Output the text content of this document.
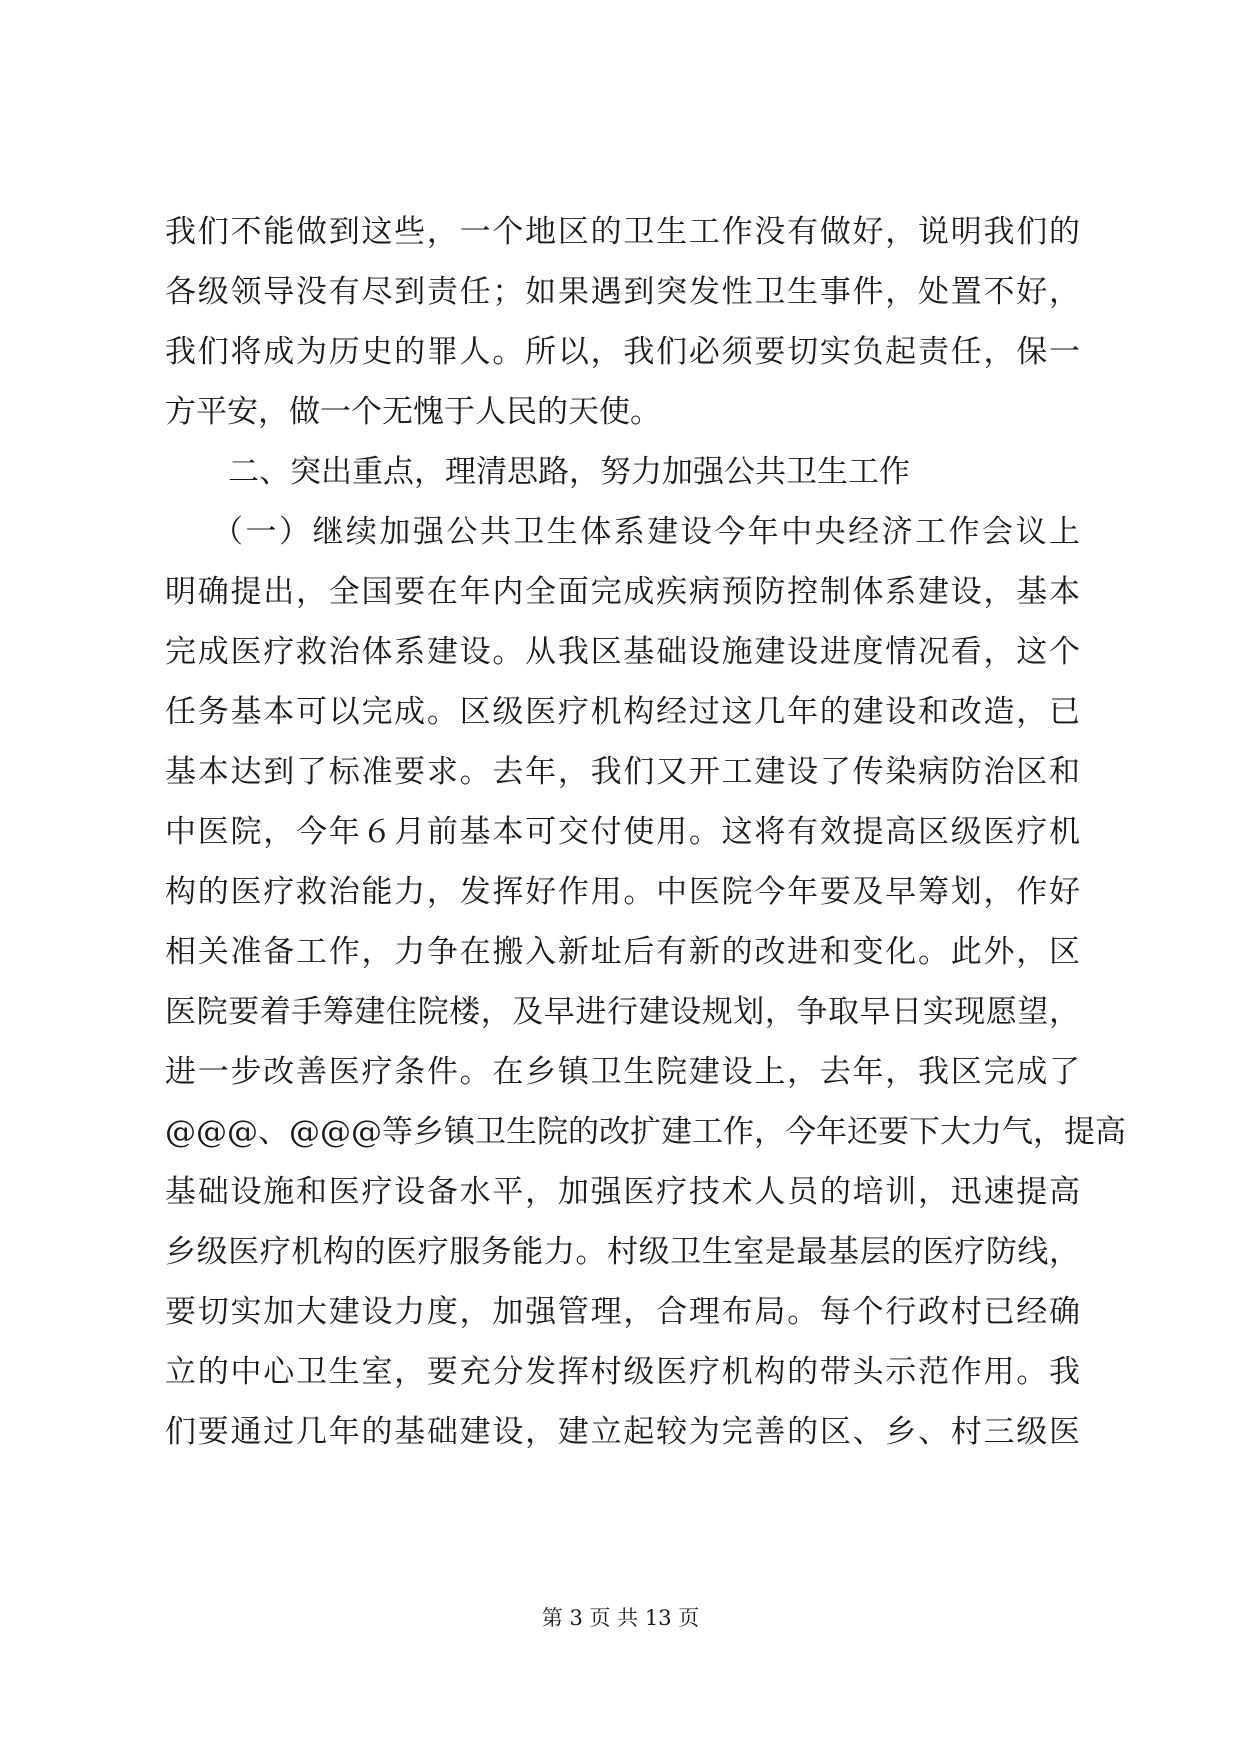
我们不能做到这些，一个地区的卫生工作没有做好，说明我们的
各级领导没有尽到责任；如果遇到突发性卫生事件，处置不好，
我们将成为历史的罪人。所以，我们必须要切实负起责任，保一
方平安，做一个无愧于人民的天使。
二、突出重点，理清思路，努力加强公共卫生工作
（一）继续加强公共卫生体系建设今年中央经济工作会议上
明确提出，全国要在年内全面完成疾病预防控制体系建设，基本
完成医疗救治体系建设。从我区基础设施建设进度情况看，这个
任务基本可以完成。区级医疗机构经过这几年的建设和改造，已
基本达到了标准要求。去年，我们又开工建设了传染病防治区和
中医院，今年６月前基本可交付使用。这将有效提高区级医疗机
构的医疗救治能力，发挥好作用。中医院今年要及早筹划，作好
相关准备工作，力争在搬入新址后有新的改进和变化。此外，区
医院要着手筹建住院楼，及早进行建设规划，争取早日实现愿望，
进一步改善医疗条件。在乡镇卫生院建设上，去年，我区完成了
@@@、@@@等乡镇卫生院的改扩建工作，今年还要下大力气，提高
基础设施和医疗设备水平，加强医疗技术人员的培训，迅速提高
乡级医疗机构的医疗服务能力。村级卫生室是最基层的医疗防线，
要切实加大建设力度，加强管理，合理布局。每个行政村已经确
立的中心卫生室，要充分发挥村级医疗机构的带头示范作用。我
们要通过几年的基础建设，建立起较为完善的区、乡、村三级医
第 3 页 共 13 页
